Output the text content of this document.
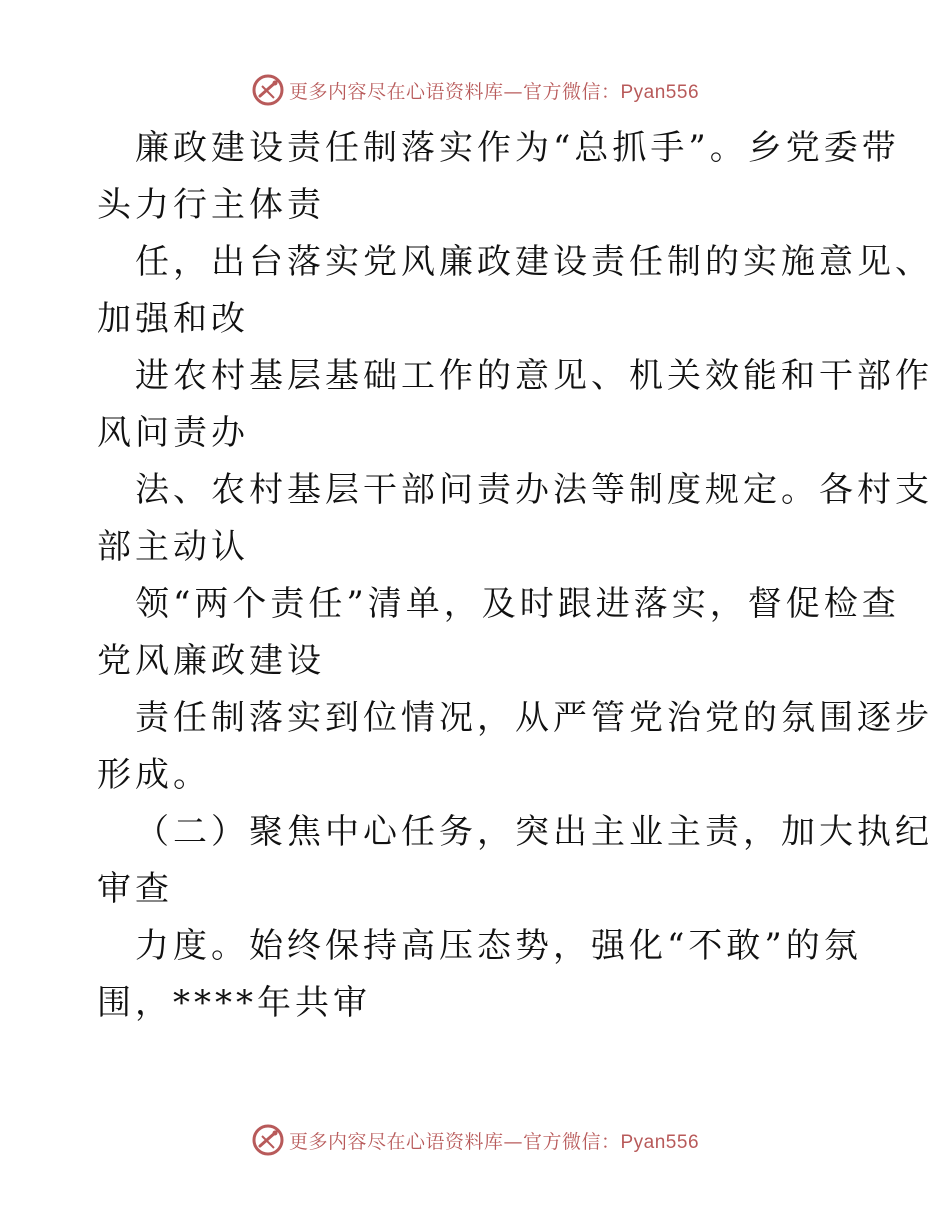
更多内容尽在心语资料库—官方微信：Pyan556
廉政建设责任制落实作为“总抓手”。乡党委带
头力行主体责
任，出台落实党风廉政建设责任制的实施意见、
加强和改
进农村基层基础工作的意见、机关效能和干部作
风问责办
法、农村基层干部问责办法等制度规定。各村支
部主动认
领“两个责任”清单，及时跟进落实，督促检查
党风廉政建设
责任制落实到位情况，从严管党治党的氛围逐步
形成。
（二）聚焦中心任务，突出主业主责，加大执纪
审查
力度。始终保持高压态势，强化“不敢”的氛
围，****年共审
更多内容尽在心语资料库—官方微信：Pyan556
